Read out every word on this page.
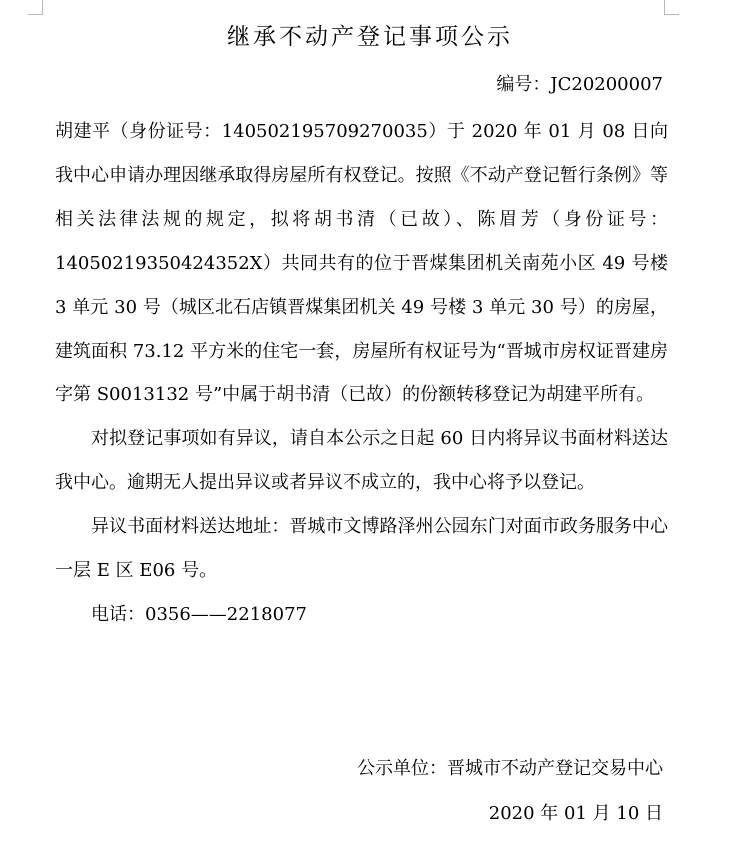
继承不动产登记事项公示
编号：JC20200007

胡建平（身份证号：140502195709270035）于 2020 年 01 月 08 日向我中心申请办理因继承取得房屋所有权登记。按照《不动产登记暂行条例》等相关法律法规的规定，拟将胡书清（已故）、陈眉芳（身份证号：14050219350424352X）共同共有的位于晋煤集团机关南苑小区 49 号楼 3 单元 30 号（城区北石店镇晋煤集团机关 49 号楼 3 单元 30 号）的房屋，建筑面积 73.12 平方米的住宅一套，房屋所有权证号为“晋城市房权证晋建房字第 S0013132 号”中属于胡书清（已故）的份额转移登记为胡建平所有。

对拟登记事项如有异议，请自本公示之日起 60 日内将异议书面材料送达我中心。逾期无人提出异议或者异议不成立的，我中心将予以登记。

异议书面材料送达地址：晋城市文博路泽州公园东门对面市政务服务中心一层 E 区 E06 号。

电话：0356——2218077

公示单位：晋城市不动产登记交易中心
2020 年 01 月 10 日
